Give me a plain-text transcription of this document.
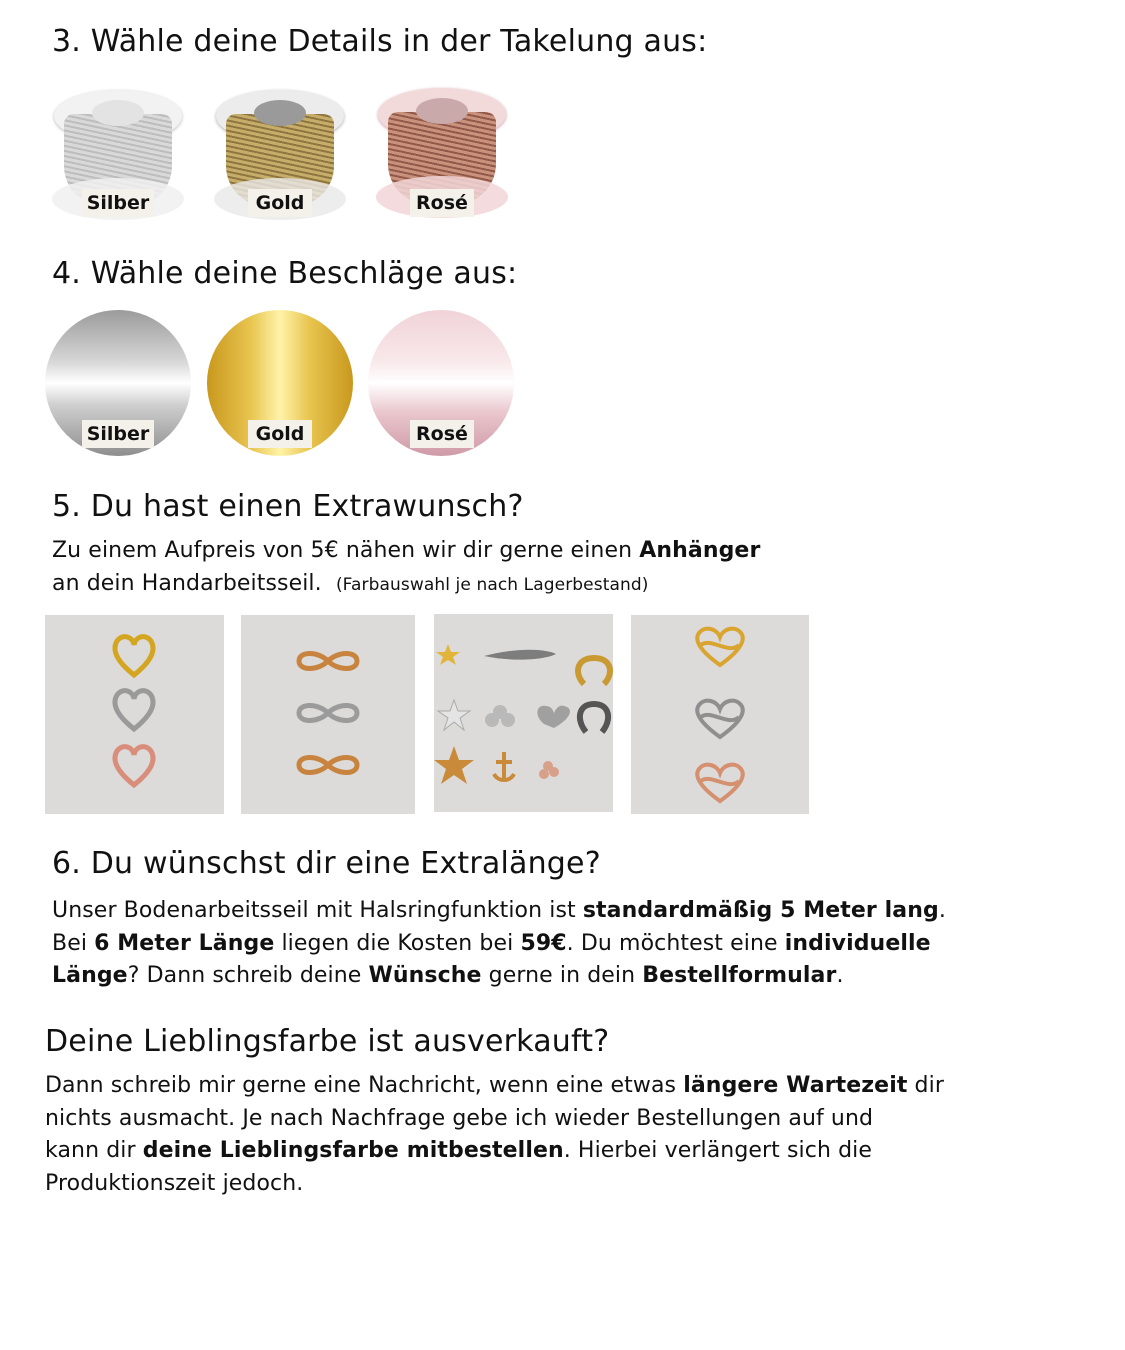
3. Wähle deine Details in der Takelung aus:
Silber	Gold	Rosé
4. Wähle deine Beschläge aus:
Silber	Gold	Rosé
5. Du hast einen Extrawunsch?
Zu einem Aufpreis von 5€ nähen wir dir gerne einen Anhänger
an dein Handarbeitsseil. (Farbauswahl je nach Lagerbestand)
6. Du wünschst dir eine Extralänge?
Unser Bodenarbeitsseil mit Halsringfunktion ist standardmäßig 5 Meter lang.
Bei 6 Meter Länge liegen die Kosten bei 59€. Du möchtest eine individuelle
Länge? Dann schreib deine Wünsche gerne in dein Bestellformular.
Deine Lieblingsfarbe ist ausverkauft?
Dann schreib mir gerne eine Nachricht, wenn eine etwas längere Wartezeit dir
nichts ausmacht. Je nach Nachfrage gebe ich wieder Bestellungen auf und
kann dir deine Lieblingsfarbe mitbestellen. Hierbei verlängert sich die
Produktionszeit jedoch.
